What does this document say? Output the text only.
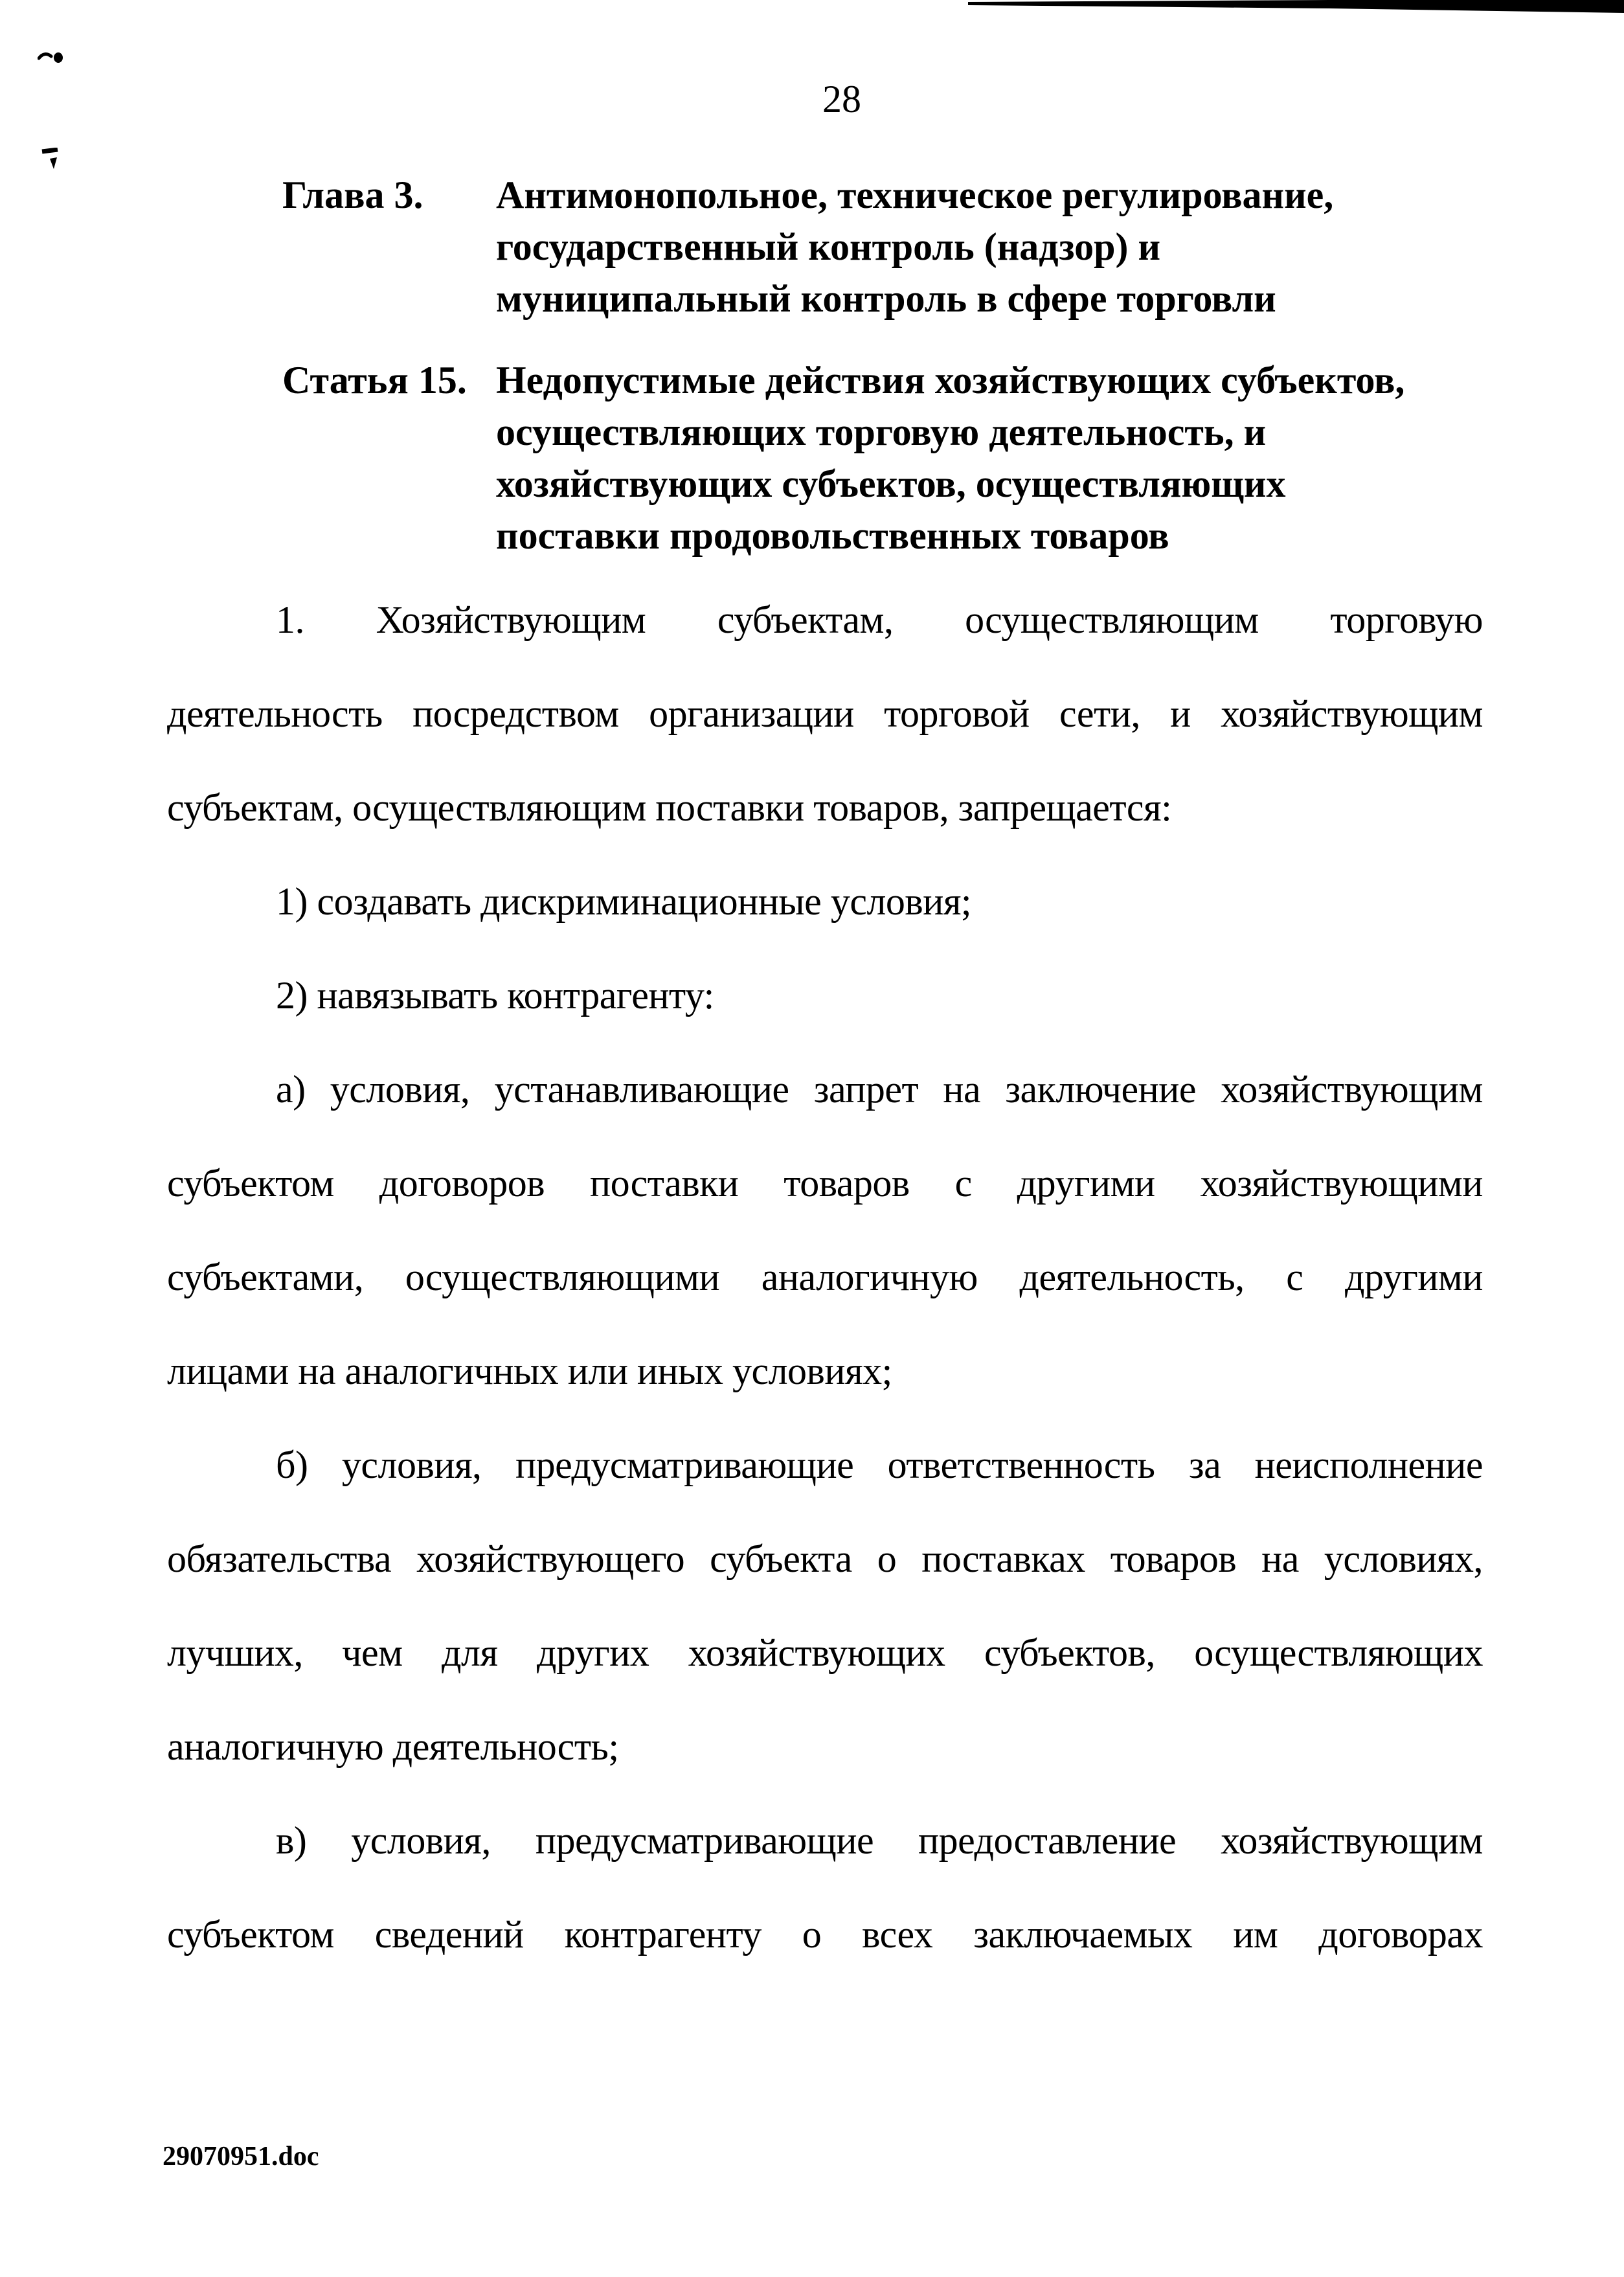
28
Глава 3.	Антимонопольное, техническое регулирование,
государственный контроль (надзор) и
муниципальный контроль в сфере торговли
Статья 15. Недопустимые действия хозяйствующих субъектов,
осуществляющих торговую деятельность, и
хозяйствующих субъектов, осуществляющих
поставки продовольственных товаров
1. Хозяйствующим субъектам, осуществляющим торговую
деятельность посредством организации торговой сети, и хозяйствующим
субъектам, осуществляющим поставки товаров, запрещается:
1) создавать дискриминационные условия;
2) навязывать контрагенту:
а) условия, устанавливающие запрет на заключение хозяйствующим
субъектом договоров поставки товаров с другими хозяйствующими
субъектами, осуществляющими аналогичную деятельность, с другими
лицами на аналогичных или иных условиях;
б) условия, предусматривающие ответственность за неисполнение
обязательства хозяйствующего субъекта о поставках товаров на условиях,
лучших, чем для других хозяйствующих субъектов, осуществляющих
аналогичную деятельность;
в) условия, предусматривающие предоставление хозяйствующим
субъектом сведений контрагенту о всех заключаемых им договорах
29070951.doc
